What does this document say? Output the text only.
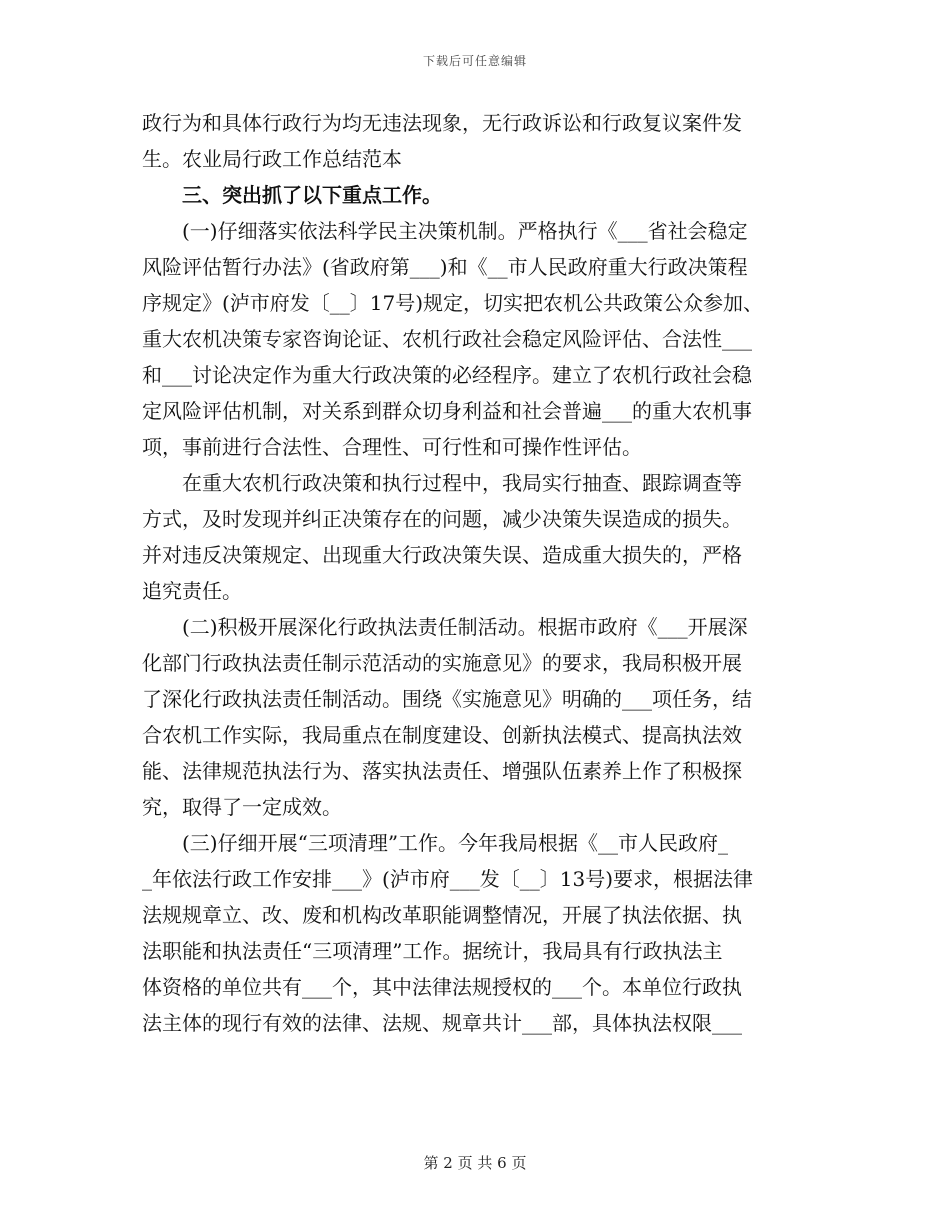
下载后可任意编辑
政行为和具体行政行为均无违法现象，无行政诉讼和行政复议案件发
生。农业局行政工作总结范本
　　三、突出抓了以下重点工作。
　　(一)仔细落实依法科学民主决策机制。严格执行《___省社会稳定
风险评估暂行办法》(省政府第___)和《__市人民政府重大行政决策程
序规定》(泸市府发〔__〕17号)规定，切实把农机公共政策公众参加、
重大农机决策专家咨询论证、农机行政社会稳定风险评估、合法性___
和___讨论决定作为重大行政决策的必经程序。建立了农机行政社会稳
定风险评估机制，对关系到群众切身利益和社会普遍___的重大农机事
项，事前进行合法性、合理性、可行性和可操作性评估。
　　在重大农机行政决策和执行过程中，我局实行抽查、跟踪调查等
方式，及时发现并纠正决策存在的问题，减少决策失误造成的损失。
并对违反决策规定、出现重大行政决策失误、造成重大损失的，严格
追究责任。
　　(二)积极开展深化行政执法责任制活动。根据市政府《___开展深
化部门行政执法责任制示范活动的实施意见》的要求，我局积极开展
了深化行政执法责任制活动。围绕《实施意见》明确的___项任务，结
合农机工作实际，我局重点在制度建设、创新执法模式、提高执法效
能、法律规范执法行为、落实执法责任、增强队伍素养上作了积极探
究，取得了一定成效。
　　(三)仔细开展“三项清理”工作。今年我局根据《__市人民政府_
_年依法行政工作安排___》(泸市府___发〔__〕13号)要求，根据法律
法规规章立、改、废和机构改革职能调整情况，开展了执法依据、执
法职能和执法责任“三项清理”工作。据统计，我局具有行政执法主
体资格的单位共有___个，其中法律法规授权的___个。本单位行政执
法主体的现行有效的法律、法规、规章共计___部，具体执法权限___
第 2 页 共 6 页
